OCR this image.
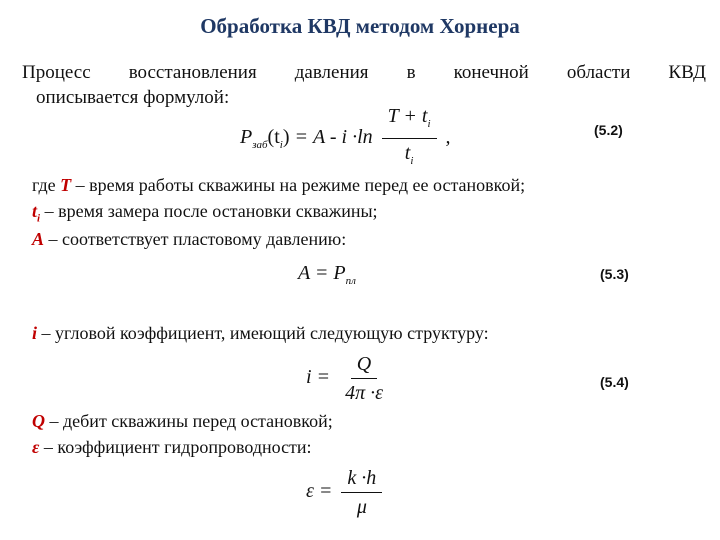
Обработка КВД методом Хорнера
Процесс восстановления давления в конечной области КВД
описывается формулой:
$P_{заб}(t_i) = A - i \cdot\ln \frac{T + t_i}{t_i}$ ,	(5.2)
где T – время работы скважины на режиме перед ее остановкой;
$t_i$ – время замера после остановки скважины;
A – соответствует пластовому давлению:
$A = P_{пл}$	(5.3)
i – угловой коэффициент, имеющий следующую структуру:
$i = \frac{Q}{4\pi \cdot\varepsilon}$	(5.4)
Q – дебит скважины перед остановкой;
ε – коэффициент гидропроводности:
$\varepsilon = \frac{k \cdot h}{\mu}$
